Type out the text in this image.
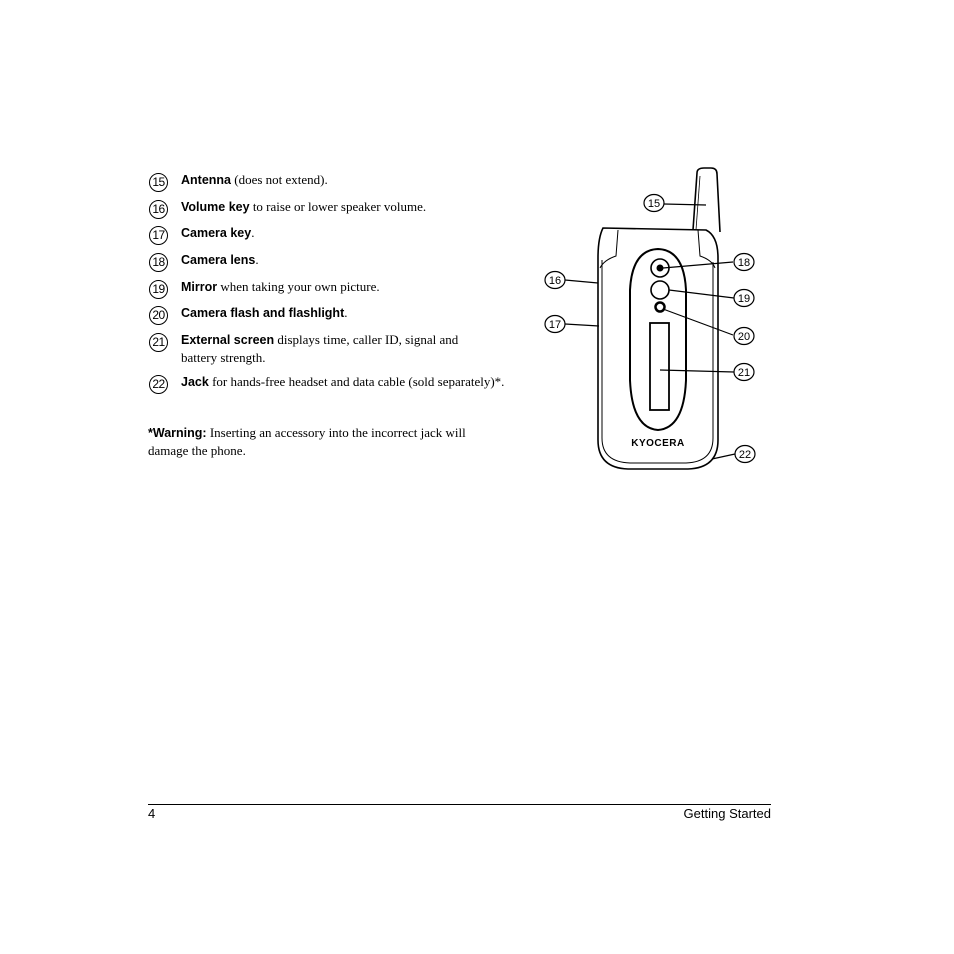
15 Antenna (does not extend).
16 Volume key to raise or lower speaker volume.
17 Camera key.
18 Camera lens.
19 Mirror when taking your own picture.
20 Camera flash and flashlight.
21 External screen displays time, caller ID, signal and battery strength.
22 Jack for hands-free headset and data cable (sold separately)*.
*Warning: Inserting an accessory into the incorrect jack will damage the phone.	KYOCERA
15
16
17
18
19
20
21
22
4	Getting Started
